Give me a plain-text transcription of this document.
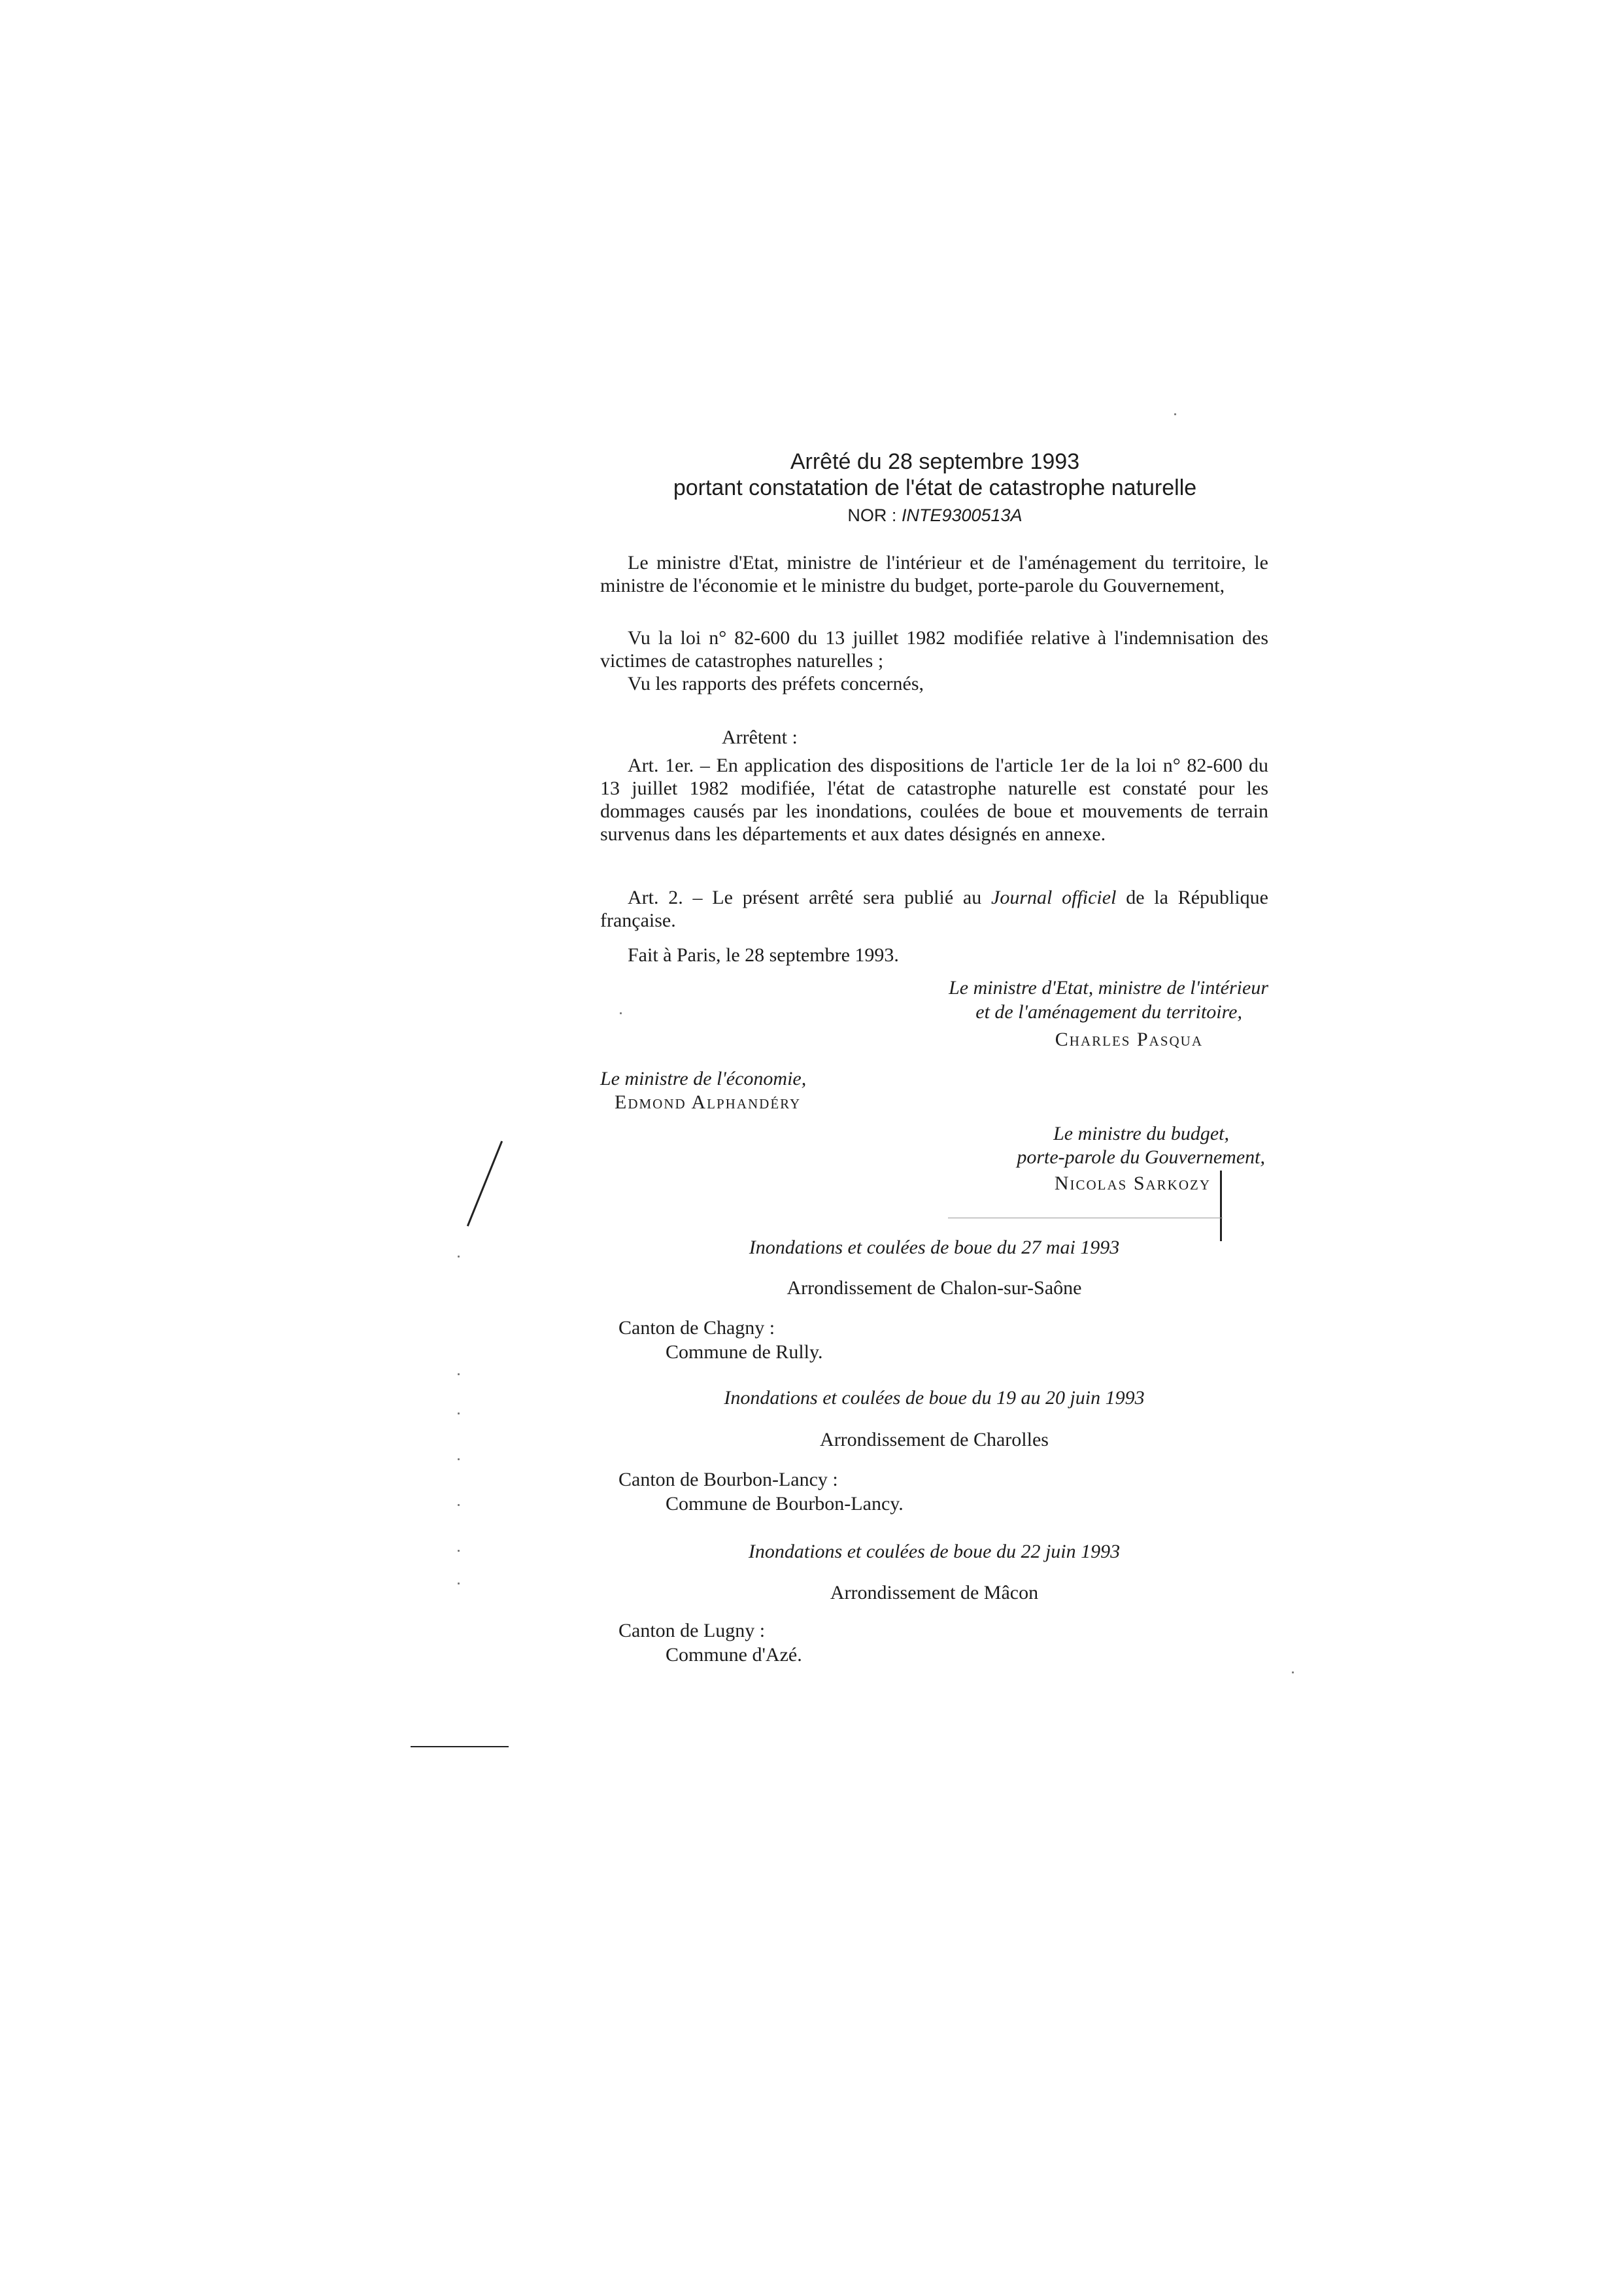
Arrêté du 28 septembre 1993
portant constatation de l'état de catastrophe naturelle
NOR : INTE9300513A
Le ministre d'Etat, ministre de l'intérieur et de l'aménagement du territoire, le ministre de l'économie et le ministre du budget, porte-parole du Gouvernement,
Vu la loi n° 82-600 du 13 juillet 1982 modifiée relative à l'indemnisation des victimes de catastrophes naturelles ;
Vu les rapports des préfets concernés,
Arrêtent :
Art. 1er. – En application des dispositions de l'article 1er de la loi n° 82-600 du 13 juillet 1982 modifiée, l'état de catastrophe naturelle est constaté pour les dommages causés par les inondations, coulées de boue et mouvements de terrain survenus dans les départements et aux dates désignés en annexe.
Art. 2. – Le présent arrêté sera publié au Journal officiel de la République française.
Fait à Paris, le 28 septembre 1993.
Le ministre d'Etat, ministre de l'intérieur
et de l'aménagement du territoire,
Charles Pasqua
Le ministre de l'économie,
Edmond Alphandéry
Le ministre du budget,
porte-parole du Gouvernement,
Nicolas Sarkozy
Inondations et coulées de boue du 27 mai 1993
Arrondissement de Chalon-sur-Saône
Canton de Chagny :
Commune de Rully.
Inondations et coulées de boue du 19 au 20 juin 1993
Arrondissement de Charolles
Canton de Bourbon-Lancy :
Commune de Bourbon-Lancy.
Inondations et coulées de boue du 22 juin 1993
Arrondissement de Mâcon
Canton de Lugny :
Commune d'Azé.
